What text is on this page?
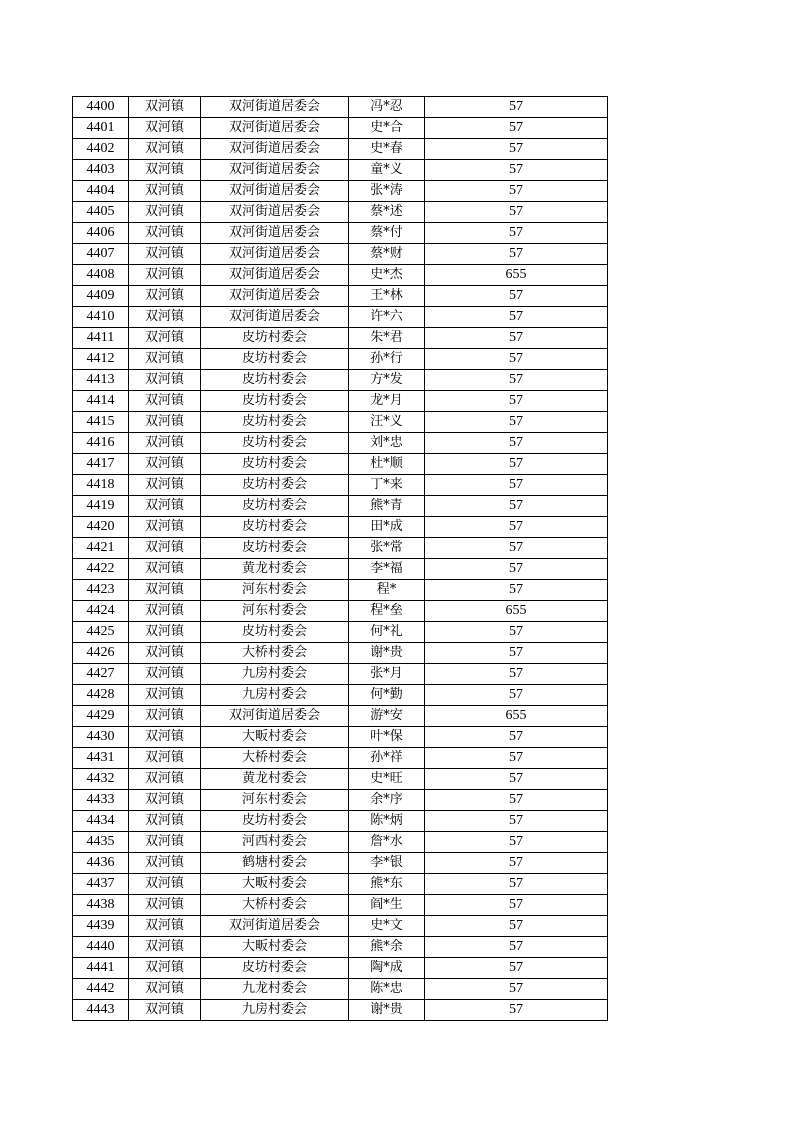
4400	双河镇	双河街道居委会	冯*忍	57
4401	双河镇	双河街道居委会	史*合	57
4402	双河镇	双河街道居委会	史*春	57
4403	双河镇	双河街道居委会	童*义	57
4404	双河镇	双河街道居委会	张*涛	57
4405	双河镇	双河街道居委会	蔡*述	57
4406	双河镇	双河街道居委会	蔡*付	57
4407	双河镇	双河街道居委会	蔡*财	57
4408	双河镇	双河街道居委会	史*杰	655
4409	双河镇	双河街道居委会	王*林	57
4410	双河镇	双河街道居委会	许*六	57
4411	双河镇	皮坊村委会	朱*君	57
4412	双河镇	皮坊村委会	孙*行	57
4413	双河镇	皮坊村委会	方*发	57
4414	双河镇	皮坊村委会	龙*月	57
4415	双河镇	皮坊村委会	汪*义	57
4416	双河镇	皮坊村委会	刘*忠	57
4417	双河镇	皮坊村委会	杜*顺	57
4418	双河镇	皮坊村委会	丁*来	57
4419	双河镇	皮坊村委会	熊*青	57
4420	双河镇	皮坊村委会	田*成	57
4421	双河镇	皮坊村委会	张*常	57
4422	双河镇	黄龙村委会	李*福	57
4423	双河镇	河东村委会	程*	57
4424	双河镇	河东村委会	程*垒	655
4425	双河镇	皮坊村委会	何*礼	57
4426	双河镇	大桥村委会	谢*贵	57
4427	双河镇	九房村委会	张*月	57
4428	双河镇	九房村委会	何*勤	57
4429	双河镇	双河街道居委会	游*安	655
4430	双河镇	大畈村委会	叶*保	57
4431	双河镇	大桥村委会	孙*祥	57
4432	双河镇	黄龙村委会	史*旺	57
4433	双河镇	河东村委会	余*序	57
4434	双河镇	皮坊村委会	陈*炳	57
4435	双河镇	河西村委会	詹*水	57
4436	双河镇	鹤塘村委会	李*银	57
4437	双河镇	大畈村委会	熊*东	57
4438	双河镇	大桥村委会	阎*生	57
4439	双河镇	双河街道居委会	史*文	57
4440	双河镇	大畈村委会	熊*余	57
4441	双河镇	皮坊村委会	陶*成	57
4442	双河镇	九龙村委会	陈*忠	57
4443	双河镇	九房村委会	谢*贵	57
